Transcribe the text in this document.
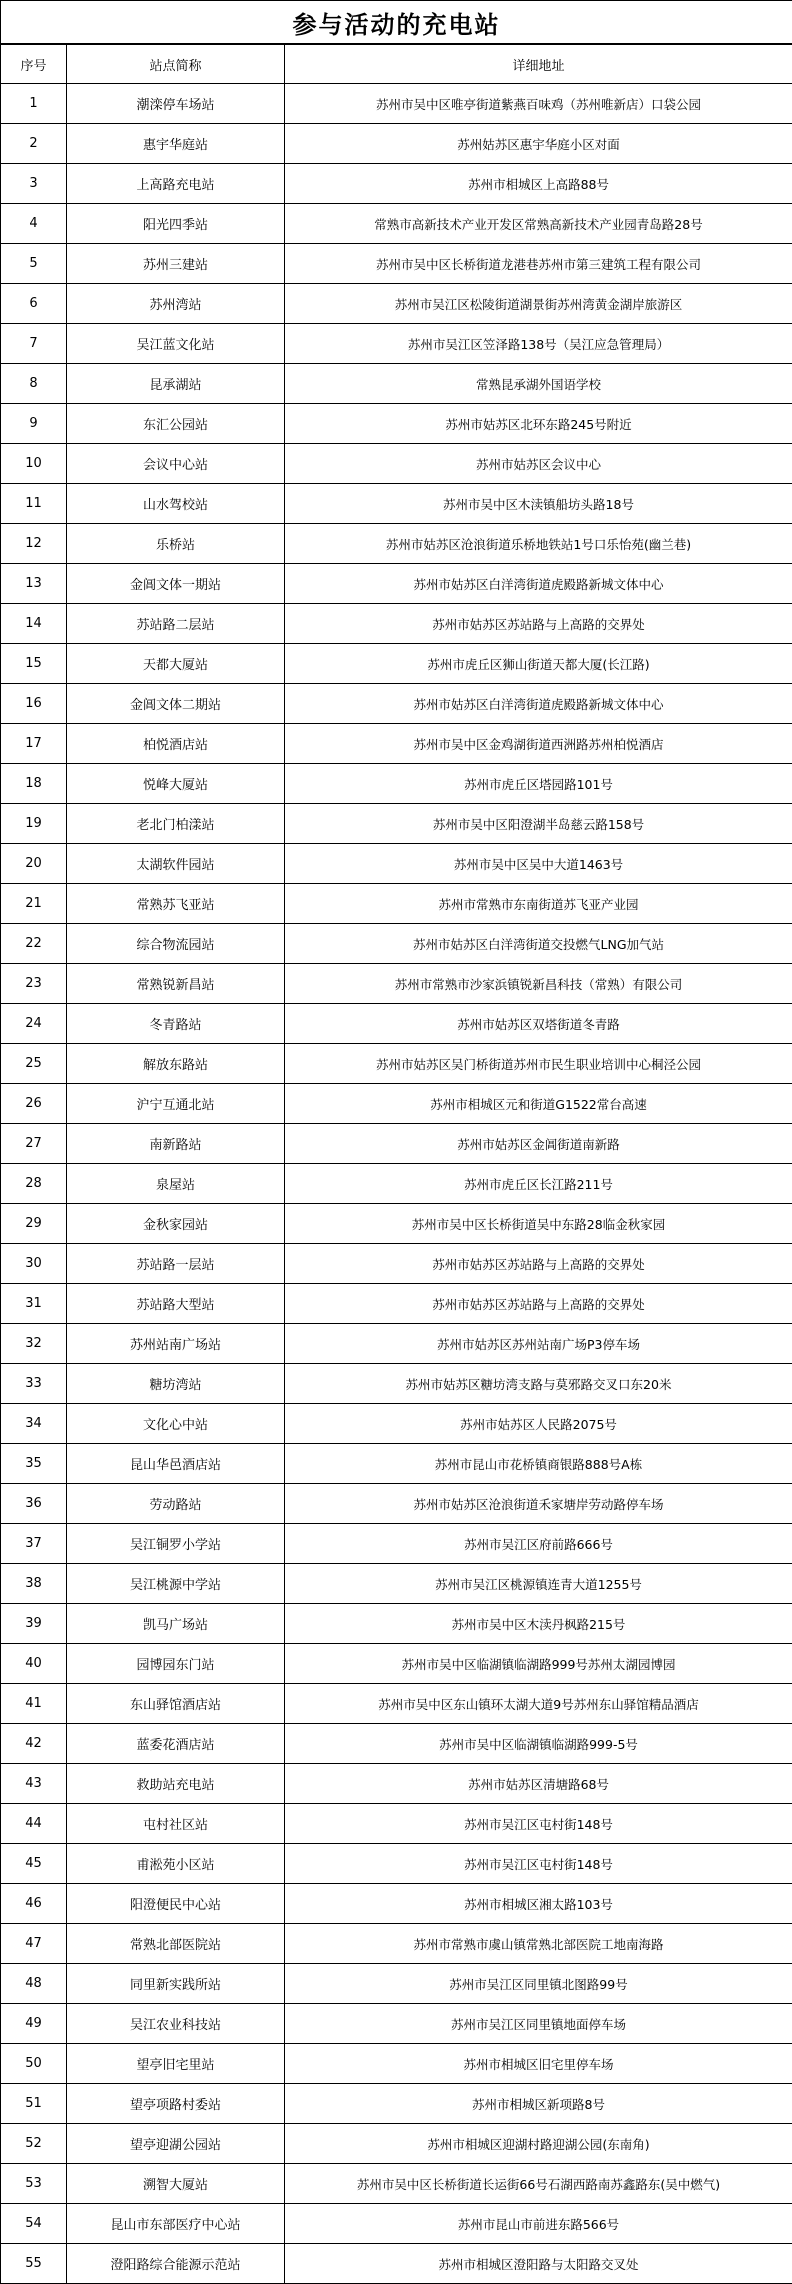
参与活动的充电站		
序号	站点简称	详细地址
1	潮滦停车场站	苏州市吴中区唯亭街道紫燕百味鸡（苏州唯新店）口袋公园
2	惠宇华庭站	苏州姑苏区惠宇华庭小区对面
3	上高路充电站	苏州市相城区上高路88号
4	阳光四季站	常熟市高新技术产业开发区常熟高新技术产业园青岛路28号
5	苏州三建站	苏州市吴中区长桥街道龙港巷苏州市第三建筑工程有限公司
6	苏州湾站	苏州市吴江区松陵街道湖景街苏州湾黄金湖岸旅游区
7	吴江蓝文化站	苏州市吴江区笠泽路138号（吴江应急管理局）
8	昆承湖站	常熟昆承湖外国语学校
9	东汇公园站	苏州市姑苏区北环东路245号附近
10	会议中心站	苏州市姑苏区会议中心
11	山水驾校站	苏州市吴中区木渎镇船坊头路18号
12	乐桥站	苏州市姑苏区沧浪街道乐桥地铁站1号口乐怡苑(幽兰巷)
13	金阊文体一期站	苏州市姑苏区白洋湾街道虎殿路新城文体中心
14	苏站路二层站	苏州市姑苏区苏站路与上高路的交界处
15	天都大厦站	苏州市虎丘区狮山街道天都大厦(长江路)
16	金阊文体二期站	苏州市姑苏区白洋湾街道虎殿路新城文体中心
17	柏悦酒店站	苏州市吴中区金鸡湖街道西洲路苏州柏悦酒店
18	悦峰大厦站	苏州市虎丘区塔园路101号
19	老北门柏漾站	苏州市吴中区阳澄湖半岛慈云路158号
20	太湖软件园站	苏州市吴中区吴中大道1463号
21	常熟苏飞亚站	苏州市常熟市东南街道苏飞亚产业园
22	综合物流园站	苏州市姑苏区白洋湾街道交投燃气LNG加气站
23	常熟锐新昌站	苏州市常熟市沙家浜镇锐新昌科技（常熟）有限公司
24	冬青路站	苏州市姑苏区双塔街道冬青路
25	解放东路站	苏州市姑苏区吴门桥街道苏州市民生职业培训中心桐泾公园
26	沪宁互通北站	苏州市相城区元和街道G1522常台高速
27	南新路站	苏州市姑苏区金阊街道南新路
28	泉屋站	苏州市虎丘区长江路211号
29	金秋家园站	苏州市吴中区长桥街道吴中东路28临金秋家园
30	苏站路一层站	苏州市姑苏区苏站路与上高路的交界处
31	苏站路大型站	苏州市姑苏区苏站路与上高路的交界处
32	苏州站南广场站	苏州市姑苏区苏州站南广场P3停车场
33	糖坊湾站	苏州市姑苏区糖坊湾支路与莫邪路交叉口东20米
34	文化心中站	苏州市姑苏区人民路2075号
35	昆山华邑酒店站	苏州市昆山市花桥镇商银路888号A栋
36	劳动路站	苏州市姑苏区沧浪街道禾家塘岸劳动路停车场
37	吴江铜罗小学站	苏州市吴江区府前路666号
38	吴江桃源中学站	苏州市吴江区桃源镇连青大道1255号
39	凯马广场站	苏州市吴中区木渎丹枫路215号
40	园博园东门站	苏州市吴中区临湖镇临湖路999号苏州太湖园博园
41	东山驿馆酒店站	苏州市吴中区东山镇环太湖大道9号苏州东山驿馆精品酒店
42	蓝委花酒店站	苏州市吴中区临湖镇临湖路999-5号
43	救助站充电站	苏州市姑苏区清塘路68号
44	屯村社区站	苏州市吴江区屯村街148号
45	甫淞苑小区站	苏州市吴江区屯村街148号
46	阳澄便民中心站	苏州市相城区湘太路103号
47	常熟北部医院站	苏州市常熟市虞山镇常熟北部医院工地南海路
48	同里新实践所站	苏州市吴江区同里镇北图路99号
49	吴江农业科技站	苏州市吴江区同里镇地面停车场
50	望亭旧宅里站	苏州市相城区旧宅里停车场
51	望亭项路村委站	苏州市相城区新项路8号
52	望亭迎湖公园站	苏州市相城区迎湖村路迎湖公园(东南角)
53	溯智大厦站	苏州市吴中区长桥街道长运街66号石湖西路南苏鑫路东(吴中燃气)
54	昆山市东部医疗中心站	苏州市昆山市前进东路566号
55	澄阳路综合能源示范站	苏州市相城区澄阳路与太阳路交叉处
